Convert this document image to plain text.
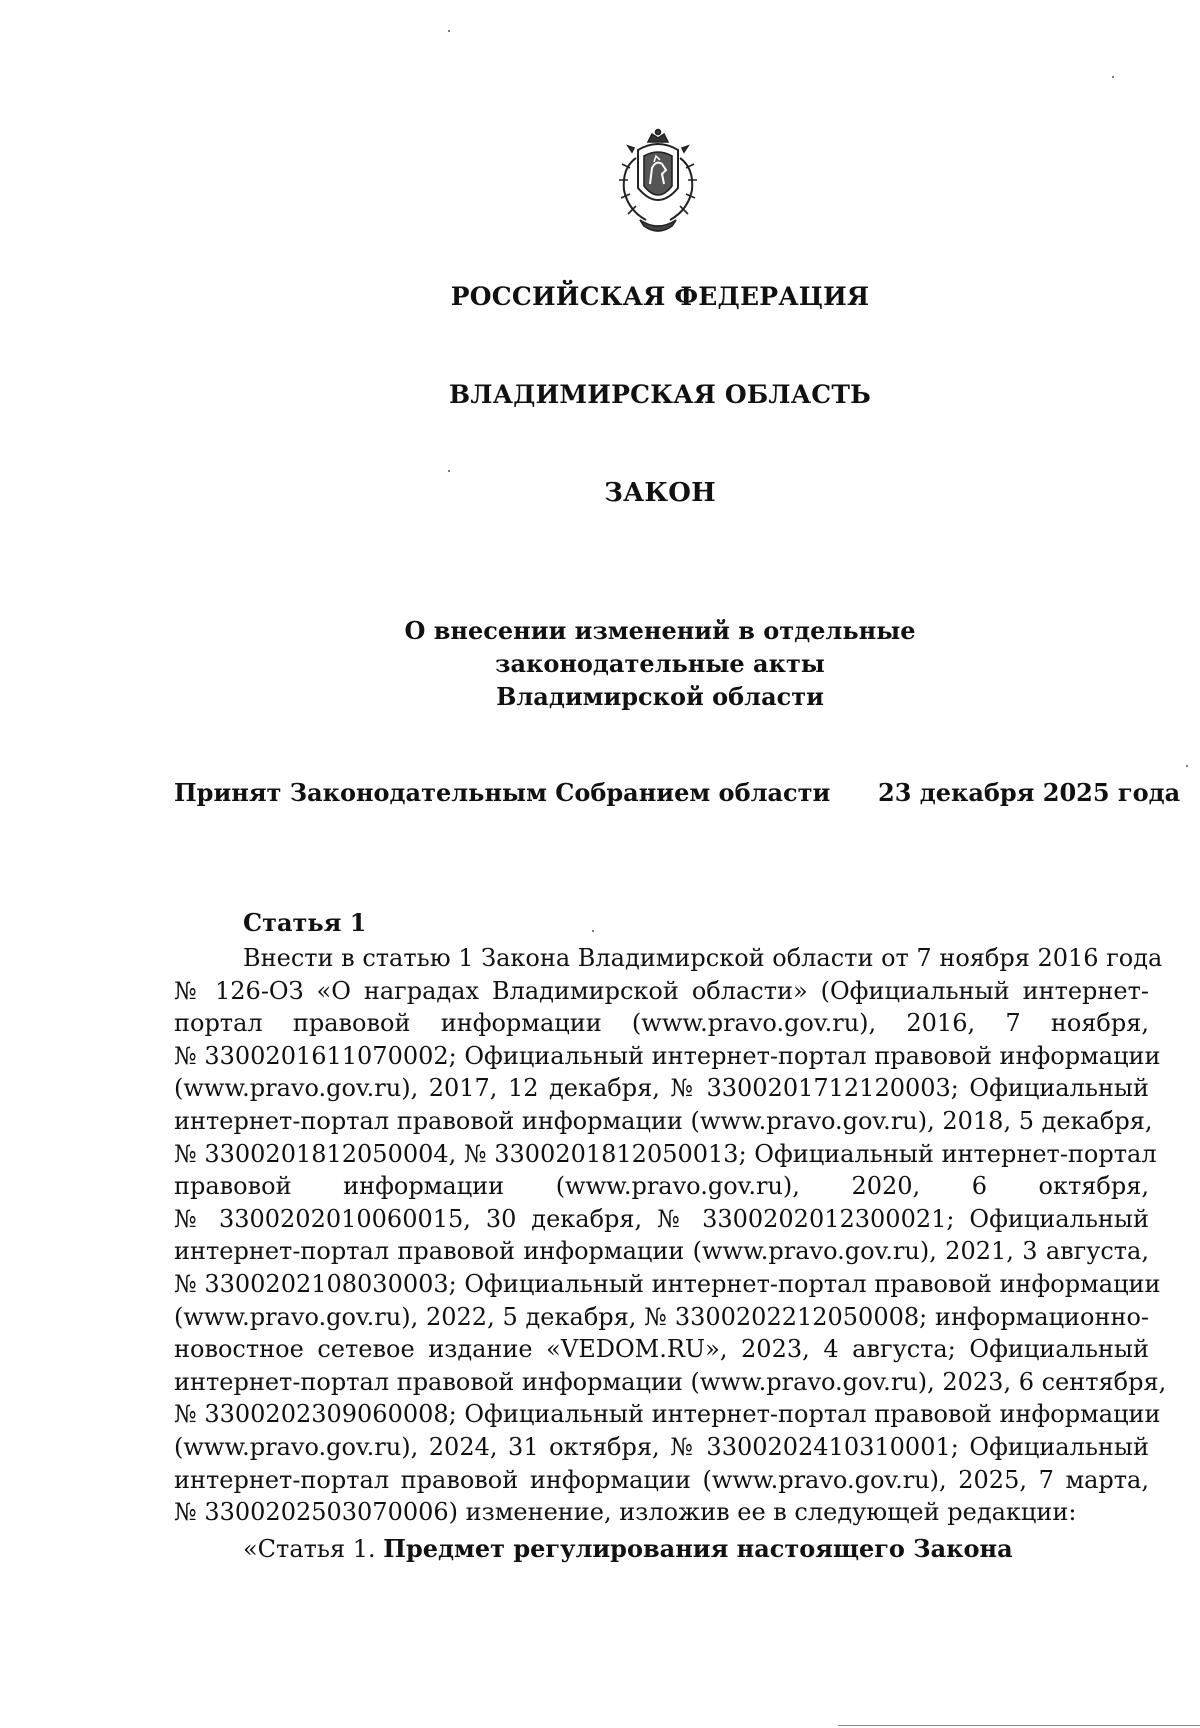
РОССИЙСКАЯ ФЕДЕРАЦИЯ
ВЛАДИМИРСКАЯ ОБЛАСТЬ
ЗАКОН
О внесении изменений в отдельные
законодательные акты
Владимирской области
Принят Законодательным Собранием области 23 декабря 2025 года
Статья 1
Внести в статью 1 Закона Владимирской области от 7 ноября 2016 года
№ 126-ОЗ «О наградах Владимирской области» (Официальный интернет-
портал правовой информации (www.pravo.gov.ru), 2016, 7 ноября,
№ 3300201611070002; Официальный интернет-портал правовой информации
(www.pravo.gov.ru), 2017, 12 декабря, № 3300201712120003; Официальный
интернет-портал правовой информации (www.pravo.gov.ru), 2018, 5 декабря,
№ 3300201812050004, № 3300201812050013; Официальный интернет-портал
правовой информации (www.pravo.gov.ru), 2020, 6 октября,
№ 3300202010060015, 30 декабря, № 3300202012300021; Официальный
интернет-портал правовой информации (www.pravo.gov.ru), 2021, 3 августа,
№ 3300202108030003; Официальный интернет-портал правовой информации
(www.pravo.gov.ru), 2022, 5 декабря, № 3300202212050008; информационно-
новостное сетевое издание «VEDOM.RU», 2023, 4 августа; Официальный
интернет-портал правовой информации (www.pravo.gov.ru), 2023, 6 сентября,
№ 3300202309060008; Официальный интернет-портал правовой информации
(www.pravo.gov.ru), 2024, 31 октября, № 3300202410310001; Официальный
интернет-портал правовой информации (www.pravo.gov.ru), 2025, 7 марта,
№ 3300202503070006) изменение, изложив ее в следующей редакции:
«Статья 1. Предмет регулирования настоящего Закона
